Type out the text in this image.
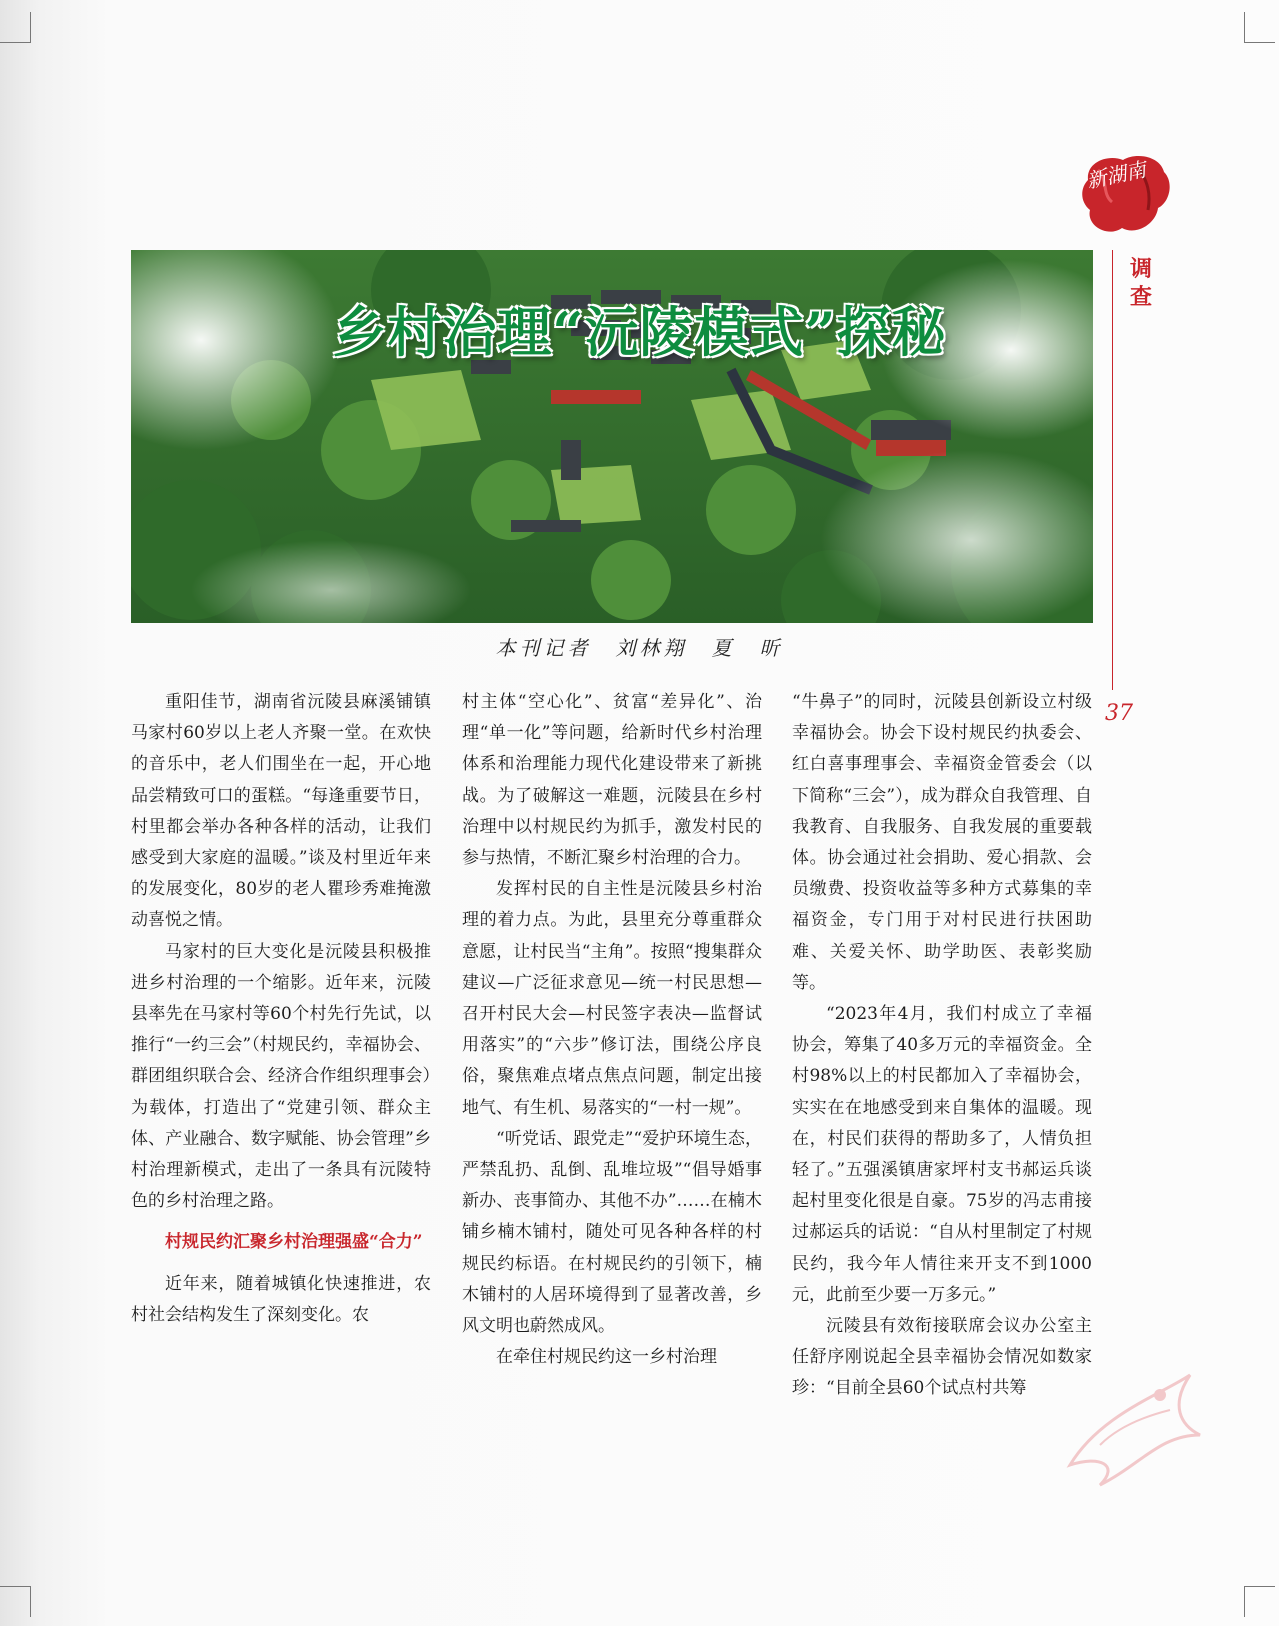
新湖南
调查
37
乡村治理“沅陵模式”探秘
本刊记者　刘林翔　夏　昕

重阳佳节，湖南省沅陵县麻溪铺镇马家村60岁以上老人齐聚一堂。在欢快的音乐中，老人们围坐在一起，开心地品尝精致可口的蛋糕。“每逢重要节日，村里都会举办各种各样的活动，让我们感受到大家庭的温暖。”谈及村里近年来的发展变化，80岁的老人瞿珍秀难掩激动喜悦之情。

马家村的巨大变化是沅陵县积极推进乡村治理的一个缩影。近年来，沅陵县率先在马家村等60个村先行先试，以推行“一约三会”（村规民约，幸福协会、群团组织联合会、经济合作组织理事会）为载体，打造出了“党建引领、群众主体、产业融合、数字赋能、协会管理”乡村治理新模式，走出了一条具有沅陵特色的乡村治理之路。

村规民约汇聚乡村治理强盛“合力”

近年来，随着城镇化快速推进，农村社会结构发生了深刻变化。农

村主体“空心化”、贫富“差异化”、治理“单一化”等问题，给新时代乡村治理体系和治理能力现代化建设带来了新挑战。为了破解这一难题，沅陵县在乡村治理中以村规民约为抓手，激发村民的参与热情，不断汇聚乡村治理的合力。

发挥村民的自主性是沅陵县乡村治理的着力点。为此，县里充分尊重群众意愿，让村民当“主角”。按照“搜集群众建议—广泛征求意见—统一村民思想—召开村民大会—村民签字表决—监督试用落实”的“六步”修订法，围绕公序良俗，聚焦难点堵点焦点问题，制定出接地气、有生机、易落实的“一村一规”。

“听党话、跟党走”“爱护环境生态，严禁乱扔、乱倒、乱堆垃圾”“倡导婚事新办、丧事简办、其他不办”……在楠木铺乡楠木铺村，随处可见各种各样的村规民约标语。在村规民约的引领下，楠木铺村的人居环境得到了显著改善，乡风文明也蔚然成风。

在牵住村规民约这一乡村治理

“牛鼻子”的同时，沅陵县创新设立村级幸福协会。协会下设村规民约执委会、红白喜事理事会、幸福资金管委会（以下简称“三会”），成为群众自我管理、自我教育、自我服务、自我发展的重要载体。协会通过社会捐助、爱心捐款、会员缴费、投资收益等多种方式募集的幸福资金，专门用于对村民进行扶困助难、关爱关怀、助学助医、表彰奖励等。

“2023年4月，我们村成立了幸福协会，筹集了40多万元的幸福资金。全村98%以上的村民都加入了幸福协会，实实在在地感受到来自集体的温暖。现在，村民们获得的帮助多了，人情负担轻了。”五强溪镇唐家坪村支书郝运兵谈起村里变化很是自豪。75岁的冯志甫接过郝运兵的话说：“自从村里制定了村规民约，我今年人情往来开支不到1000元，此前至少要一万多元。”

沅陵县有效衔接联席会议办公室主任舒序刚说起全县幸福协会情况如数家珍：“目前全县60个试点村共筹
